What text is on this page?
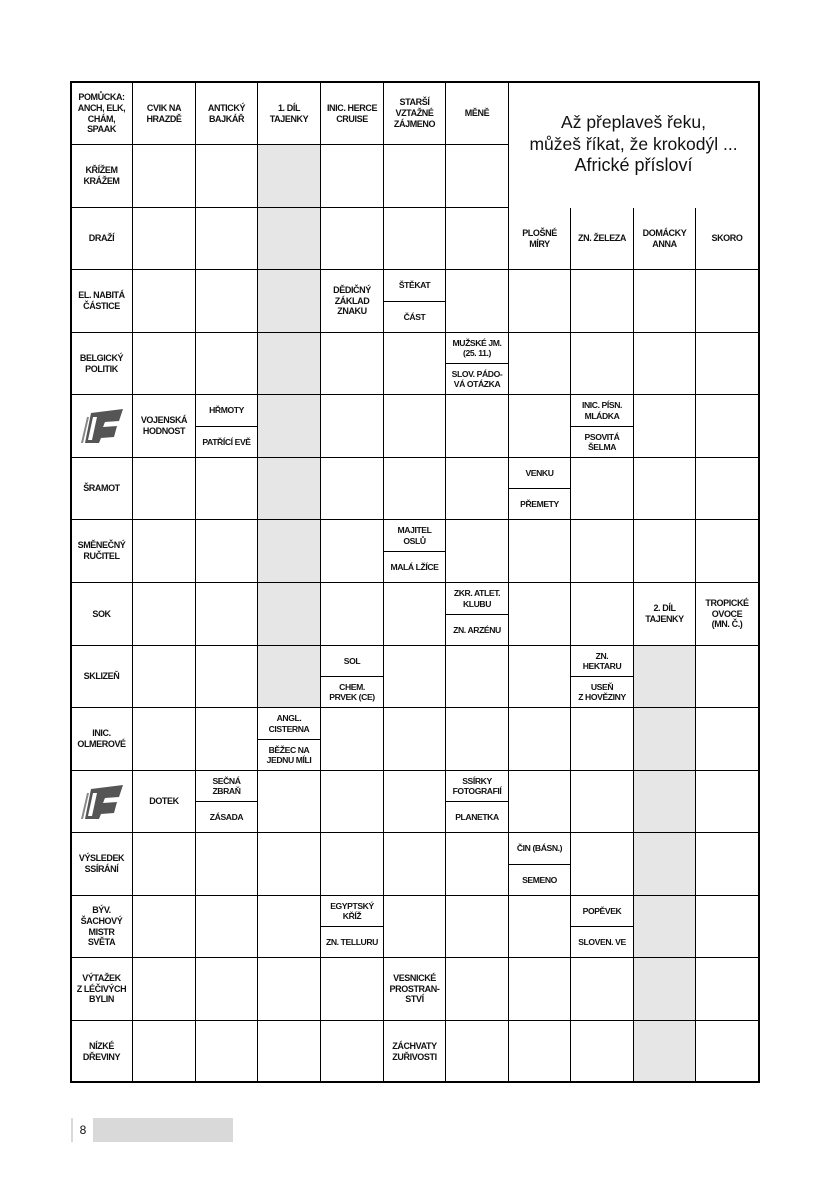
POMŮCKA:
ANCH, ELK,
CHÁM,
SPAAK
CVIK NA
HRAZDĚ
ANTICKÝ
BAJKÁŘ
1. DÍL
TAJENKY
INIC. HERCE
CRUISE
STARŠÍ
VZTAŽNÉ
ZÁJMENO
MĚNĚ
KŘÍŽEM
KRÁŽEM
DRAŽÍ
PLOŠNÉ
MÍRY
ZN. ŽELEZA
DOMÁCKY
ANNA
SKORO
EL. NABITÁ
ČÁSTICE
DĚDIČNÝ
ZÁKLAD
ZNAKU
ŠTĚKAT
ČÁST
BELGICKÝ
POLITIK
MUŽSKÉ JM.
(25. 11.)
SLOV. PÁDO-
VÁ OTÁZKA
VOJENSKÁ
HODNOST
HŘMOTY
PATŘÍCÍ EVĚ
INIC. PÍSN.
MLÁDKA
PSOVITÁ
ŠELMA
ŠRAMOT
VENKU
PŘEMETY
SMĚNEČNÝ
RUČITEL
MAJITEL
OSLŮ
MALÁ LŽÍCE
SOK
ZKR. ATLET.
KLUBU
ZN. ARZÉNU
2. DÍL
TAJENKY
TROPICKÉ
OVOCE
(MN. Č.)
SKLIZEŇ
SOL
CHEM.
PRVEK (CE)
ZN.
HEKTARU
USEŇ
Z HOVĚZINY
INIC.
OLMEROVÉ
ANGL.
CISTERNA
BĚŽEC NA
JEDNU MÍLI
DOTEK
SEČNÁ
ZBRAŇ
ZÁSADA
SSÍRKY
FOTOGRAFIÍ
PLANETKA
VÝSLEDEK
SSÍRÁNÍ
ČIN (BÁSN.)
SEMENO
BÝV.
ŠACHOVÝ
MISTR
SVĚTA
EGYPTSKÝ
KŘÍŽ
ZN. TELLURU
POPĚVEK
SLOVEN. VE
VÝTAŽEK
Z LÉČIVÝCH
BYLIN
VESNICKÉ
PROSTRAN-
STVÍ
NÍZKÉ
DŘEVINY
ZÁCHVATY
ZUŘIVOSTI
Až přeplaveš řeku,
můžeš říkat, že krokodýl ...
Africké přísloví
8
